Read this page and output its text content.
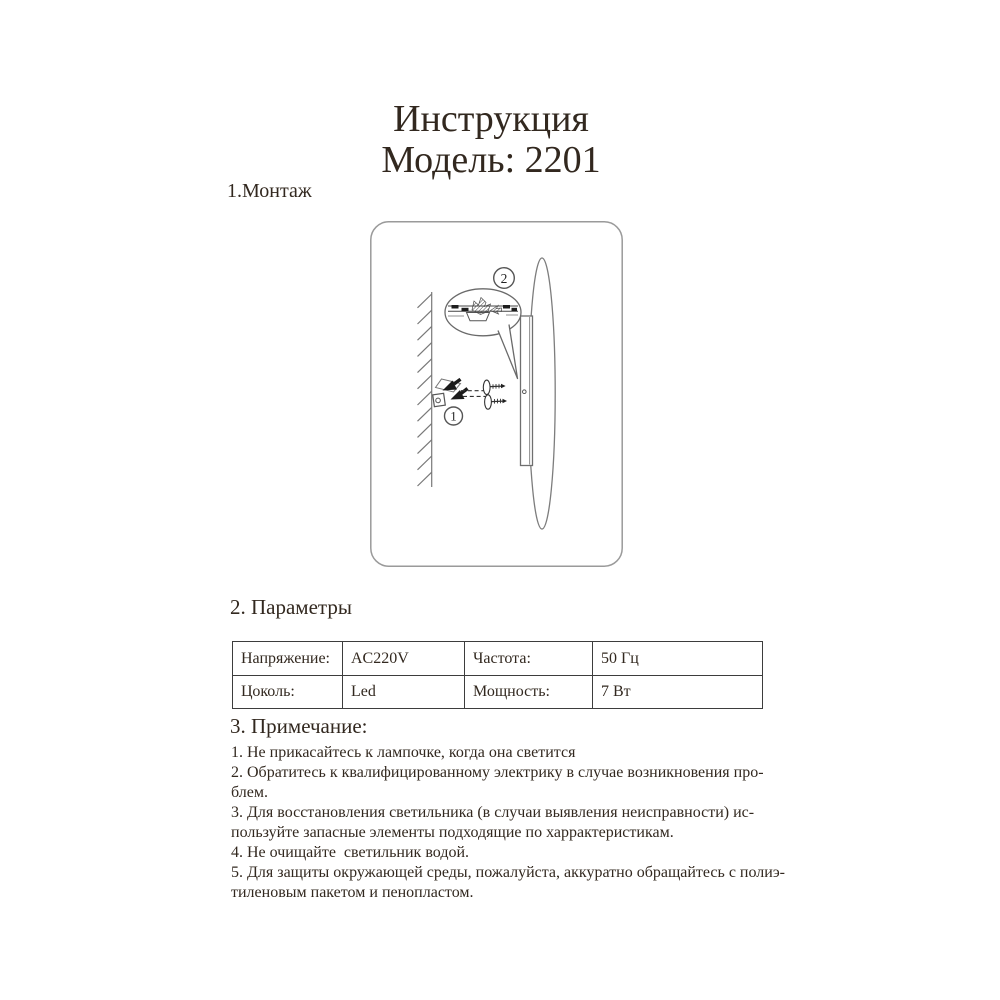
Инструкция
Модель: 2201
1.Монтаж
2
1
2. Параметры
Напряжение:	AC220V	Частота:	50 Гц
Цоколь:	Led	Мощность:	7 Вт
3. Примечание:
1. Не прикасайтесь к лампочке, когда она светится
2. Обратитесь к квалифицированному электрику в случае возникновения про-
блем.
3. Для восстановления светильника (в случаи выявления неисправности) ис-
пользуйте запасные элементы подходящие по харрактеристикам.
4. Не очищайте  светильник водой.
5. Для защиты окружающей среды, пожалуйста, аккуратно обращайтесь с полиэ-
тиленовым пакетом и пенопластом.
